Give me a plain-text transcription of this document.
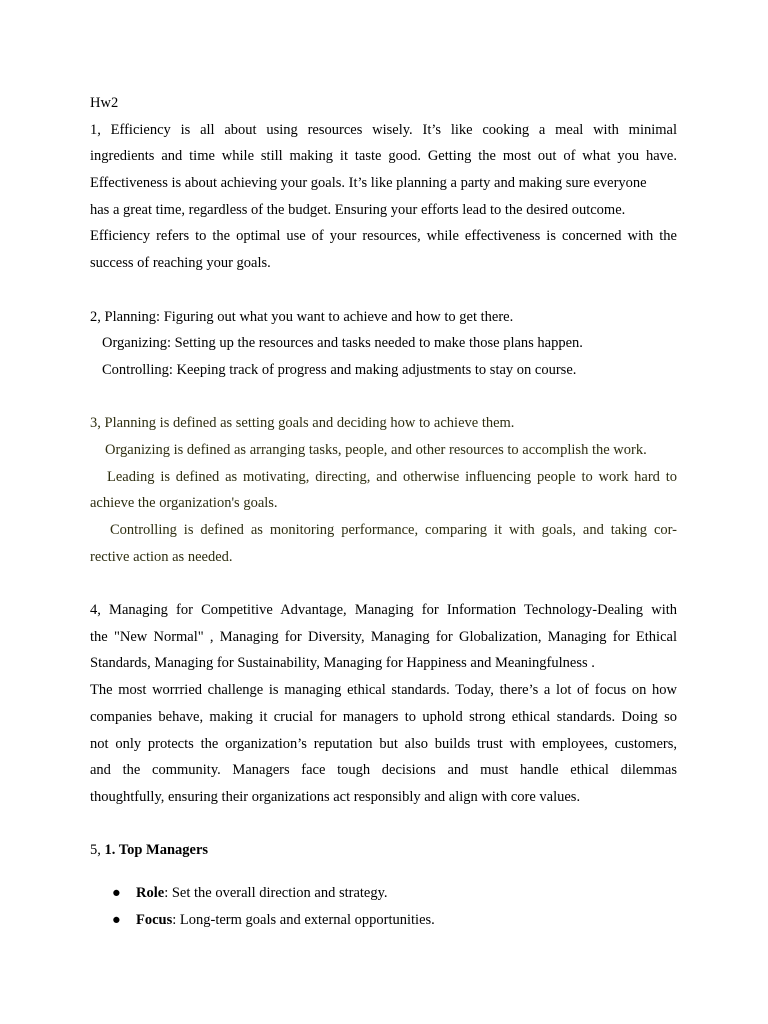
Hw2
1, Efficiency is all about using resources wisely. It’s like cooking a meal with minimal
ingredients and time while still making it taste good. Getting the most out of what you have.
Effectiveness is about achieving your goals. It’s like planning a party and making sure everyone
has a great time, regardless of the budget. Ensuring your efforts lead to the desired outcome.
Efficiency refers to the optimal use of your resources, while effectiveness is concerned with the
success of reaching your goals.
2, Planning: Figuring out what you want to achieve and how to get there.
Organizing: Setting up the resources and tasks needed to make those plans happen.
Controlling: Keeping track of progress and making adjustments to stay on course.
3, Planning is defined as setting goals and deciding how to achieve them.
Organizing is defined as arranging tasks, people, and other resources to accomplish the work.
Leading is defined as motivating, directing, and otherwise influencing people to work hard to
achieve the organization's goals.
Controlling is defined as monitoring performance, comparing it with goals, and taking cor-
rective action as needed.
4, Managing for Competitive Advantage, Managing for Information Technology-Dealing with
the "New Normal" , Managing for Diversity, Managing for Globalization, Managing for Ethical
Standards, Managing for Sustainability, Managing for Happiness and Meaningfulness .
The most worrried challenge is managing ethical standards. Today, there’s a lot of focus on how
companies behave, making it crucial for managers to uphold strong ethical standards. Doing so
not only protects the organization’s reputation but also builds trust with employees, customers,
and the community. Managers face tough decisions and must handle ethical dilemmas
thoughtfully, ensuring their organizations act responsibly and align with core values.
5, 1. Top Managers
● Role: Set the overall direction and strategy.
● Focus: Long-term goals and external opportunities.
